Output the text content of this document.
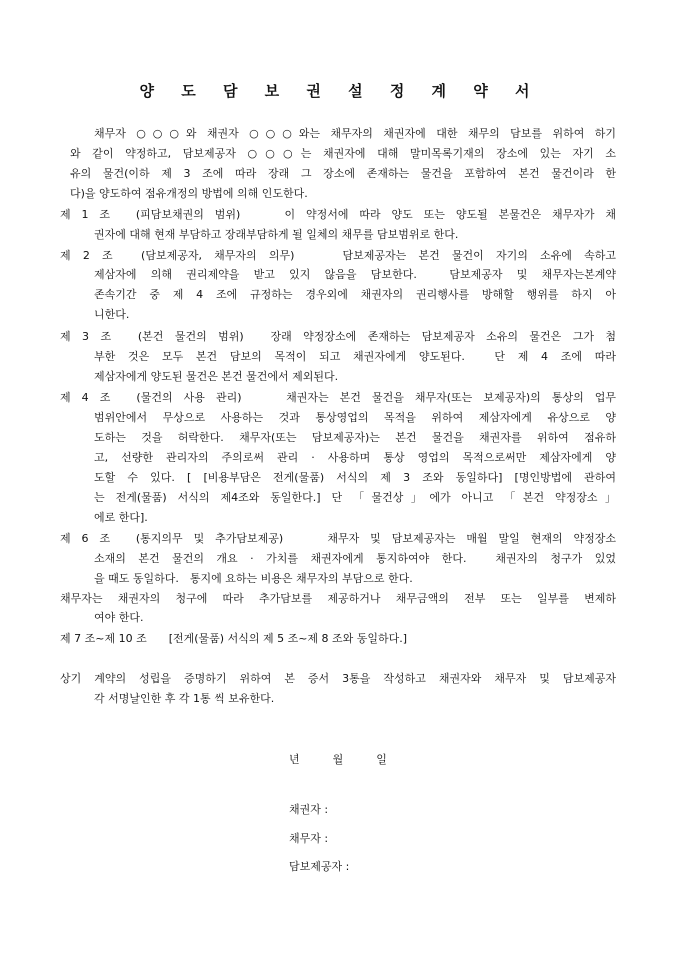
양 도 담 보 권 설 정 계 약 서
채무자 ○○○와 채권자 ○○○와는 채무자의 채권자에 대한 채무의 담보를 위하여 하기
와 같이 약정하고, 담보제공자 ○○○는 채권자에 대해 말미목록기재의 장소에 있는 자기 소
유의 물건(이하 제 3 조에 따라 장래 그 장소에 존재하는 물건을 포함하여 본건 물건이라 한
다)을 양도하여 점유개정의 방법에 의해 인도한다.
제 1 조　(피담보채권의 범위)　　이 약정서에 따라 양도 또는 양도될 본물건은 채무자가 채
권자에 대해 현재 부담하고 장래부담하게 될 일체의 채무를 담보범위로 한다.
제 2 조　(담보제공자, 채무자의 의무)　　담보제공자는 본건 물건이 자기의 소유에 속하고
제삼자에 의해 권리제약을 받고 있지 않음을 담보한다.　담보제공자 및 채무자는본계약
존속기간 중 제 4 조에 규정하는 경우외에 채권자의 권리행사를 방해할 행위를 하지 아
니한다.
제 3 조　(본건 물건의 범위)　장래 약정장소에 존재하는 담보제공자 소유의 물건은 그가 첨
부한 것은 모두 본건 담보의 목적이 되고 채권자에게 양도된다.　단 제 4 조에 따라
제삼자에게 양도된 물건은 본건 물건에서 제외된다.
제 4 조　(물건의 사용 관리)　　채권자는 본건 물건을 채무자(또는 보제공자)의 통상의 업무
범위안에서 무상으로 사용하는 것과 통상영업의 목적을 위하여 제삼자에게 유상으로 양
도하는 것을 허락한다. 채무자(또는 담보제공자)는 본건 물건을 채권자를 위하여 점유하
고, 선량한 관리자의 주의로써 관리 · 사용하며 통상 영업의 목적으로써만 제삼자에게 양
도할 수 있다. [ [비용부담은 전게(물품) 서식의 제 3 조와 동일하다] [명인방법에 관하여
는 전게(물품) 서식의 제4조와 동일한다.] 단 「물건상」에가 아니고 「본건 약정장소」
에로 한다].
제 6 조　(통지의무 및 추가담보제공)　　채무자 및 담보제공자는 매월 말일 현재의 약정장소
소재의 본건 물건의 개요 · 가치를 채권자에게 통지하여야 한다.　채권자의 청구가 있었
을 때도 동일하다.　통지에 요하는 비용은 채무자의 부담으로 한다.
채무자는 채권자의 청구에 따라 추가담보를 제공하거나 채무금액의 전부 또는 일부를 변제하
여야 한다.
제 7 조~제 10 조　　[전게(물품) 서식의 제 5 조~제 8 조와 동일하다.]
상기 계약의 성립을 증명하기 위하여 본 증서 3통을 작성하고 채권자와 채무자 및 담보제공자
각 서명날인한 후 각 1통 씩 보유한다.
년　　　월　　　일
채권자 :
채무자 :
담보제공자 :
